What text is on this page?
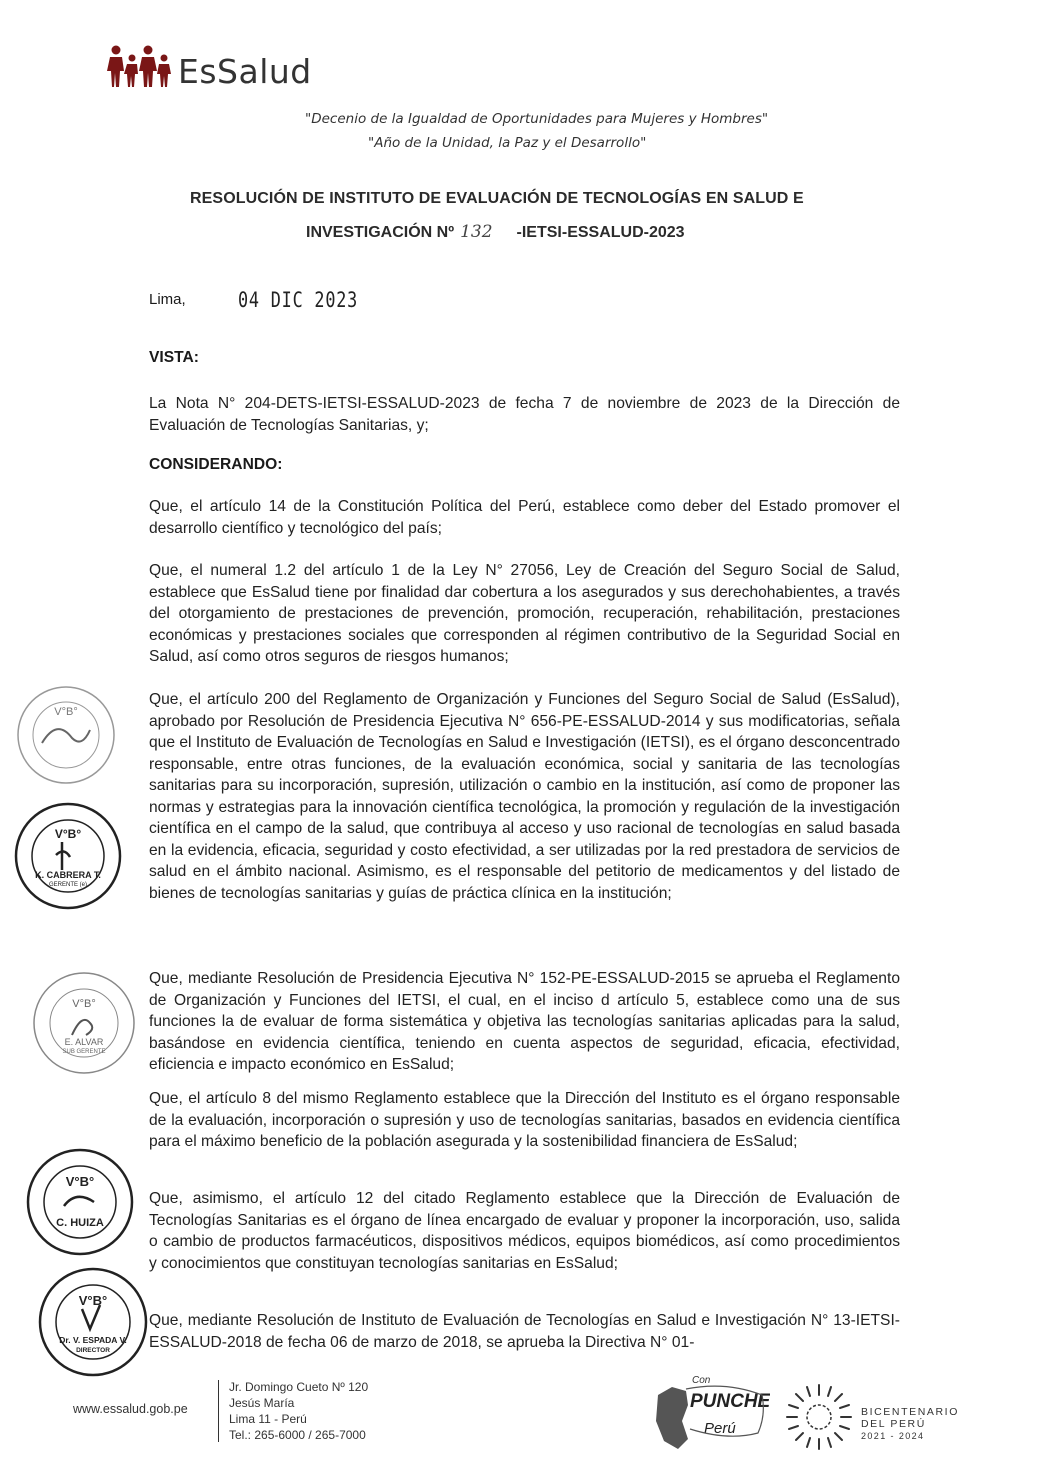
EsSalud
"Decenio de la Igualdad de Oportunidades para Mujeres y Hombres"
"Año de la Unidad, la Paz y el Desarrollo"
RESOLUCIÓN DE INSTITUTO DE EVALUACIÓN DE TECNOLOGÍAS EN SALUD E
INVESTIGACIÓN Nº 132 -IETSI-ESSALUD-2023
Lima, 04 DIC 2023
VISTA:
La Nota N° 204-DETS-IETSI-ESSALUD-2023 de fecha 7 de noviembre de 2023 de la Dirección de Evaluación de Tecnologías Sanitarias, y;
CONSIDERANDO:
Que, el artículo 14 de la Constitución Política del Perú, establece como deber del Estado promover el desarrollo científico y tecnológico del país;
Que, el numeral 1.2 del artículo 1 de la Ley N° 27056, Ley de Creación del Seguro Social de Salud, establece que EsSalud tiene por finalidad dar cobertura a los asegurados y sus derechohabientes, a través del otorgamiento de prestaciones de prevención, promoción, recuperación, rehabilitación, prestaciones económicas y prestaciones sociales que corresponden al régimen contributivo de la Seguridad Social en Salud, así como otros seguros de riesgos humanos;
Que, el artículo 200 del Reglamento de Organización y Funciones del Seguro Social de Salud (EsSalud), aprobado por Resolución de Presidencia Ejecutiva N° 656-PE-ESSALUD-2014 y sus modificatorias, señala que el Instituto de Evaluación de Tecnologías en Salud e Investigación (IETSI), es el órgano desconcentrado responsable, entre otras funciones, de la evaluación económica, social y sanitaria de las tecnologías sanitarias para su incorporación, supresión, utilización o cambio en la institución, así como de proponer las normas y estrategias para la innovación científica tecnológica, la promoción y regulación de la investigación científica en el campo de la salud, que contribuya al acceso y uso racional de tecnologías en salud basada en la evidencia, eficacia, seguridad y costo efectividad, a ser utilizadas por la red prestadora de servicios de salud en el ámbito nacional. Asimismo, es el responsable del petitorio de medicamentos y del listado de bienes de tecnologías sanitarias y guías de práctica clínica en la institución;
Que, mediante Resolución de Presidencia Ejecutiva N° 152-PE-ESSALUD-2015 se aprueba el Reglamento de Organización y Funciones del IETSI, el cual, en el inciso d artículo 5, establece como una de sus funciones la de evaluar de forma sistemática y objetiva las tecnologías sanitarias aplicadas para la salud, basándose en evidencia científica, teniendo en cuenta aspectos de seguridad, eficacia, efectividad, eficiencia e impacto económico en EsSalud;
Que, el artículo 8 del mismo Reglamento establece que la Dirección del Instituto es el órgano responsable de la evaluación, incorporación o supresión y uso de tecnologías sanitarias, basados en evidencia científica para el máximo beneficio de la población asegurada y la sostenibilidad financiera de EsSalud;
Que, asimismo, el artículo 12 del citado Reglamento establece que la Dirección de Evaluación de Tecnologías Sanitarias es el órgano de línea encargado de evaluar y proponer la incorporación, uso, salida o cambio de productos farmacéuticos, dispositivos médicos, equipos biomédicos, así como procedimientos y conocimientos que constituyan tecnologías sanitarias en EsSalud;
Que, mediante Resolución de Instituto de Evaluación de Tecnologías en Salud e Investigación N° 13-IETSI-ESSALUD-2018 de fecha 06 de marzo de 2018, se aprueba la Directiva N° 01-
V°B°
V°B°
K. CABRERA T.
GERENTE (e)
V°B°
E. ALVAR
SUB GERENTE
V°B°
C. HUIZA
V°B°
Dr. V. ESPADA V.
DIRECTOR
www.essalud.gob.pe
Jr. Domingo Cueto Nº 120
Jesús María
Lima 11 - Perú
Tel.: 265-6000 / 265-7000
Con
PUNCHE
Perú
BICENTENARIO
DEL PERÚ
2021 - 2024
